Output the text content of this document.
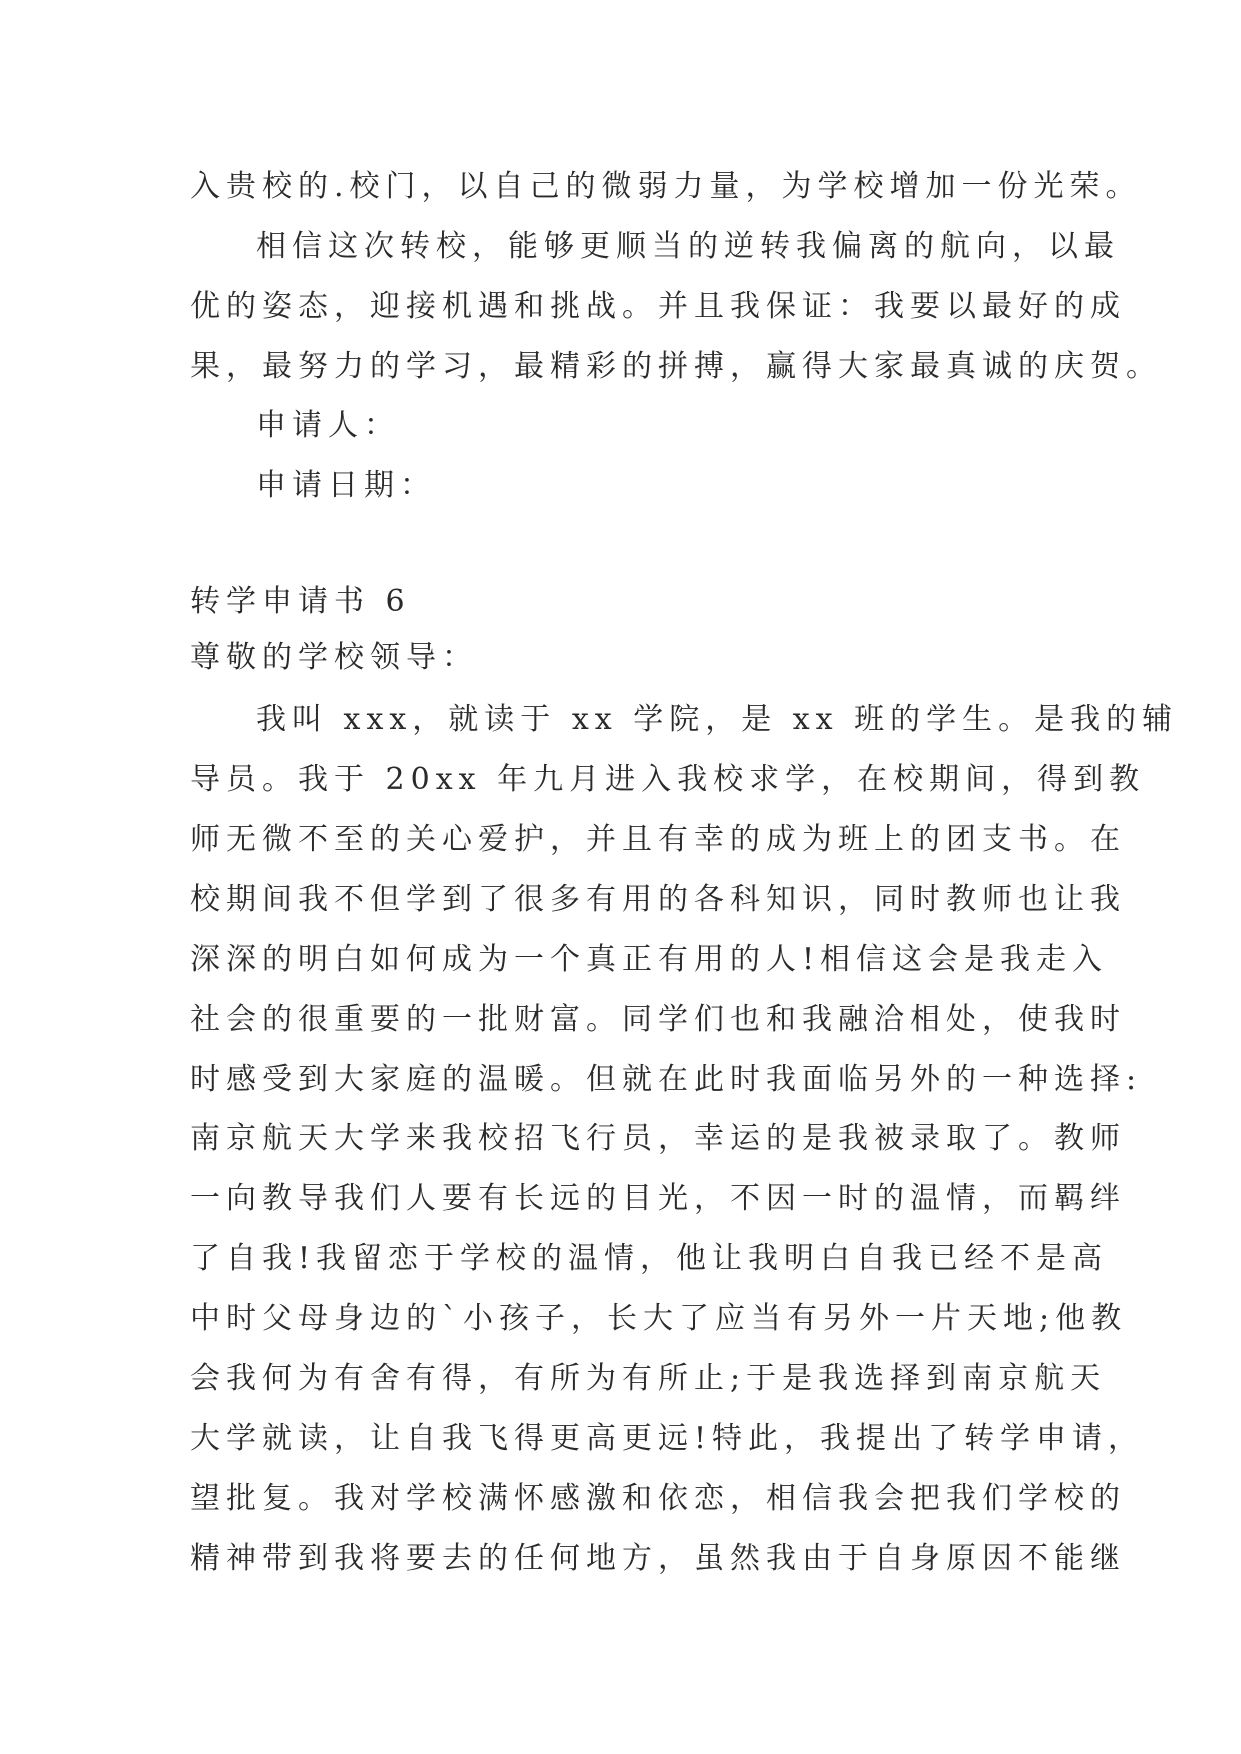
入贵校的.校门，以自己的微弱力量，为学校增加一份光荣。
相信这次转校，能够更顺当的逆转我偏离的航向，以最
优的姿态，迎接机遇和挑战。并且我保证：我要以最好的成
果，最努力的学习，最精彩的拼搏，赢得大家最真诚的庆贺。
申请人：
申请日期：
转学申请书 6
尊敬的学校领导：
我叫 xxx，就读于 xx 学院，是 xx 班的学生。是我的辅
导员。我于 20xx 年九月进入我校求学，在校期间，得到教
师无微不至的关心爱护，并且有幸的成为班上的团支书。在
校期间我不但学到了很多有用的各科知识，同时教师也让我
深深的明白如何成为一个真正有用的人!相信这会是我走入
社会的很重要的一批财富。同学们也和我融洽相处，使我时
时感受到大家庭的温暖。但就在此时我面临另外的一种选择:
南京航天大学来我校招飞行员，幸运的是我被录取了。教师
一向教导我们人要有长远的目光，不因一时的温情，而羁绊
了自我!我留恋于学校的温情，他让我明白自我已经不是高
中时父母身边的`小孩子，长大了应当有另外一片天地;他教
会我何为有舍有得，有所为有所止;于是我选择到南京航天
大学就读，让自我飞得更高更远!特此，我提出了转学申请，
望批复。我对学校满怀感激和依恋，相信我会把我们学校的
精神带到我将要去的任何地方，虽然我由于自身原因不能继
